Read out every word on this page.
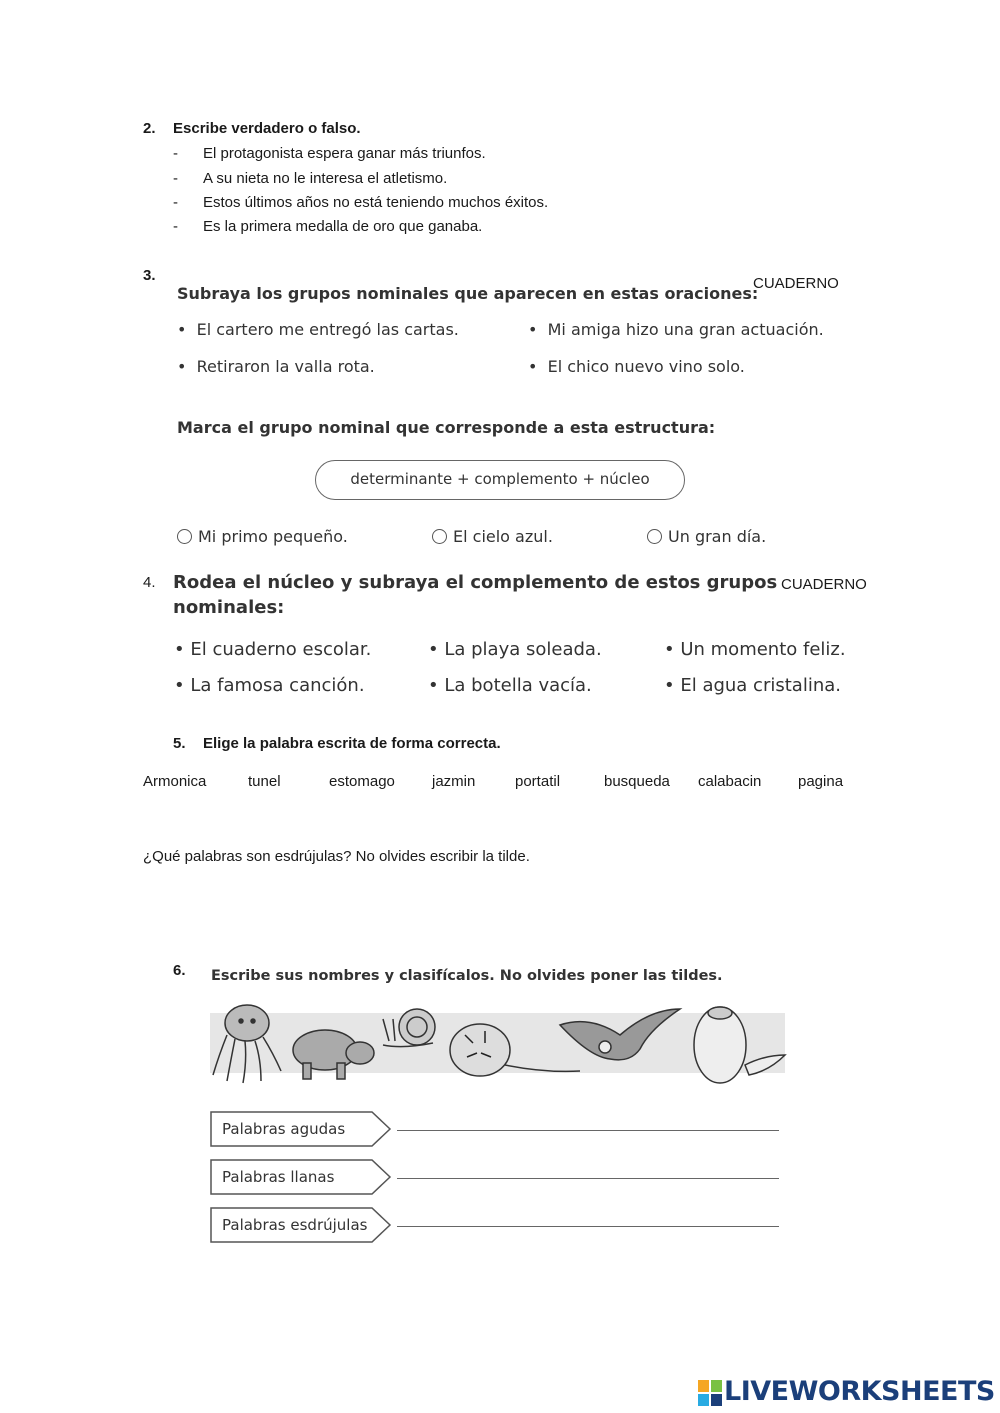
2. Escribe verdadero o falso.
- El protagonista espera ganar más triunfos.
- A su nieta no le interesa el atletismo.
- Estos últimos años no está teniendo muchos éxitos.
- Es la primera medalla de oro que ganaba.
3.	CUADERNO
Subraya los grupos nominales que aparecen en estas oraciones:
• El cartero me entregó las cartas.	• Mi amiga hizo una gran actuación.
• Retiraron la valla rota.	• El chico nuevo vino solo.
Marca el grupo nominal que corresponde a esta estructura:
determinante + complemento + núcleo
Mi primo pequeño.	El cielo azul.	Un gran día.
4.	CUADERNO
Rodea el núcleo y subraya el complemento de estos grupos
nominales:
• El cuaderno escolar.	• La playa soleada.	• Un momento feliz.
• La famosa canción.	• La botella vacía.	• El agua cristalina.
5. Elige la palabra escrita de forma correcta.
Armonica	tunel	estomago jazmin	portatil	busqueda calabacin pagina
¿Qué palabras son esdrújulas? No olvides escribir la tilde.
6. Escribe sus nombres y clasifícalos. No olvides poner las tildes.
Palabras agudas
Palabras llanas
Palabras esdrújulas
LIVEWORKSHEETS
